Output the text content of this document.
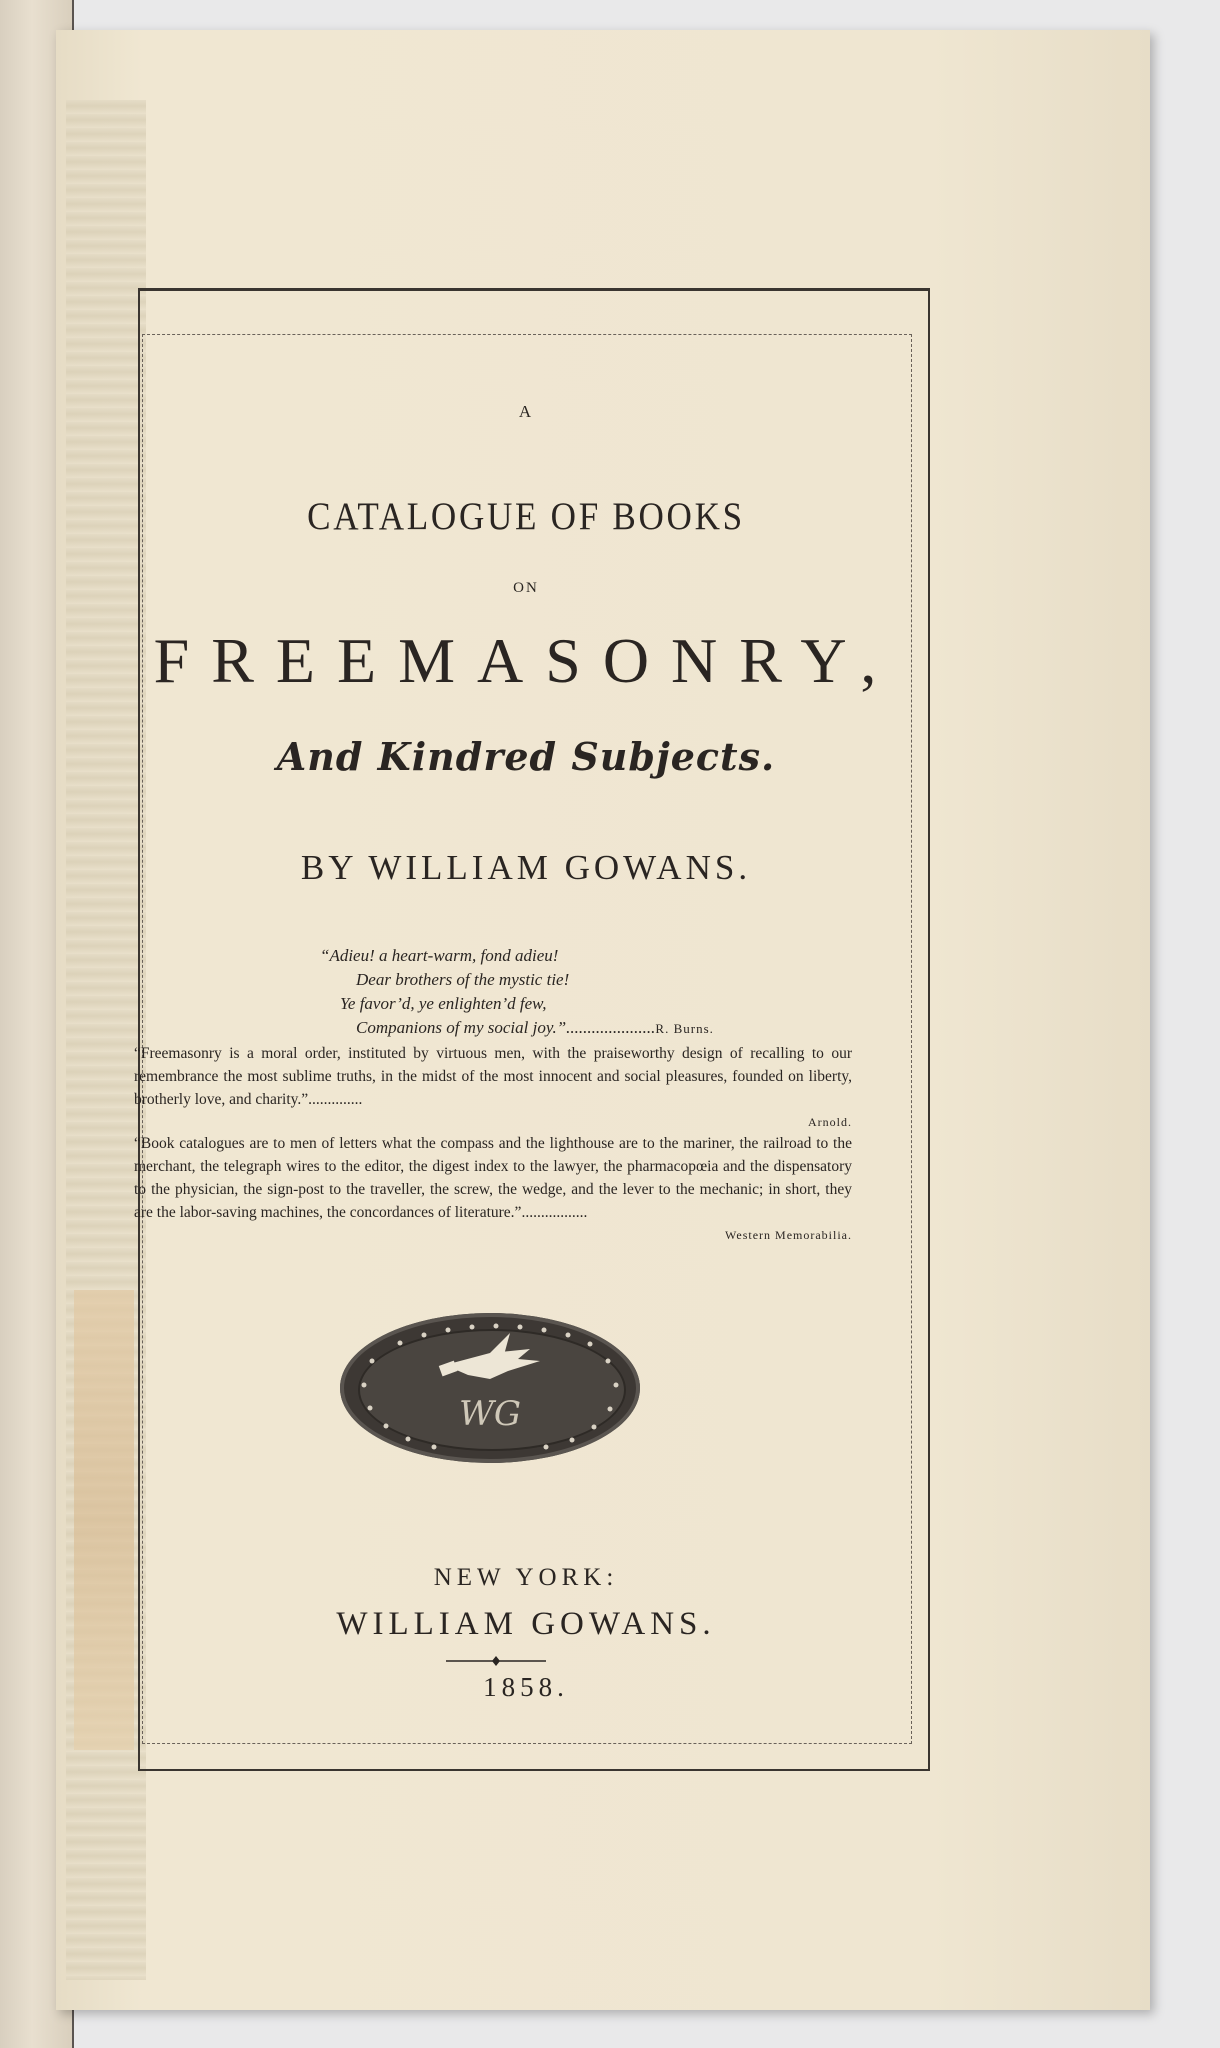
A
CATALOGUE OF BOOKS
ON
FREEMASONRY,
And Kindred Subjects.
BY WILLIAM GOWANS.
“Adieu! a heart-warm, fond adieu!
Dear brothers of the mystic tie!
Ye favor’d, ye enlighten’d few,
Companions of my social joy.”.....................R. Burns.
“Freemasonry is a moral order, instituted by virtuous men, with the praiseworthy design of recalling to our remembrance the most sublime truths, in the midst of the most innocent and social pleasures, founded on liberty, brotherly love, and charity.”..............
Arnold.
“Book catalogues are to men of letters what the compass and the lighthouse are to the mariner, the railroad to the merchant, the telegraph wires to the editor, the digest index to the lawyer, the pharmacopœia and the dispensatory to the physician, the sign-post to the traveller, the screw, the wedge, and the lever to the mechanic; in short, they are the labor-saving machines, the concordances of literature.”.................
Western Memorabilia.
WG
NEW YORK:
WILLIAM GOWANS.
1858.
